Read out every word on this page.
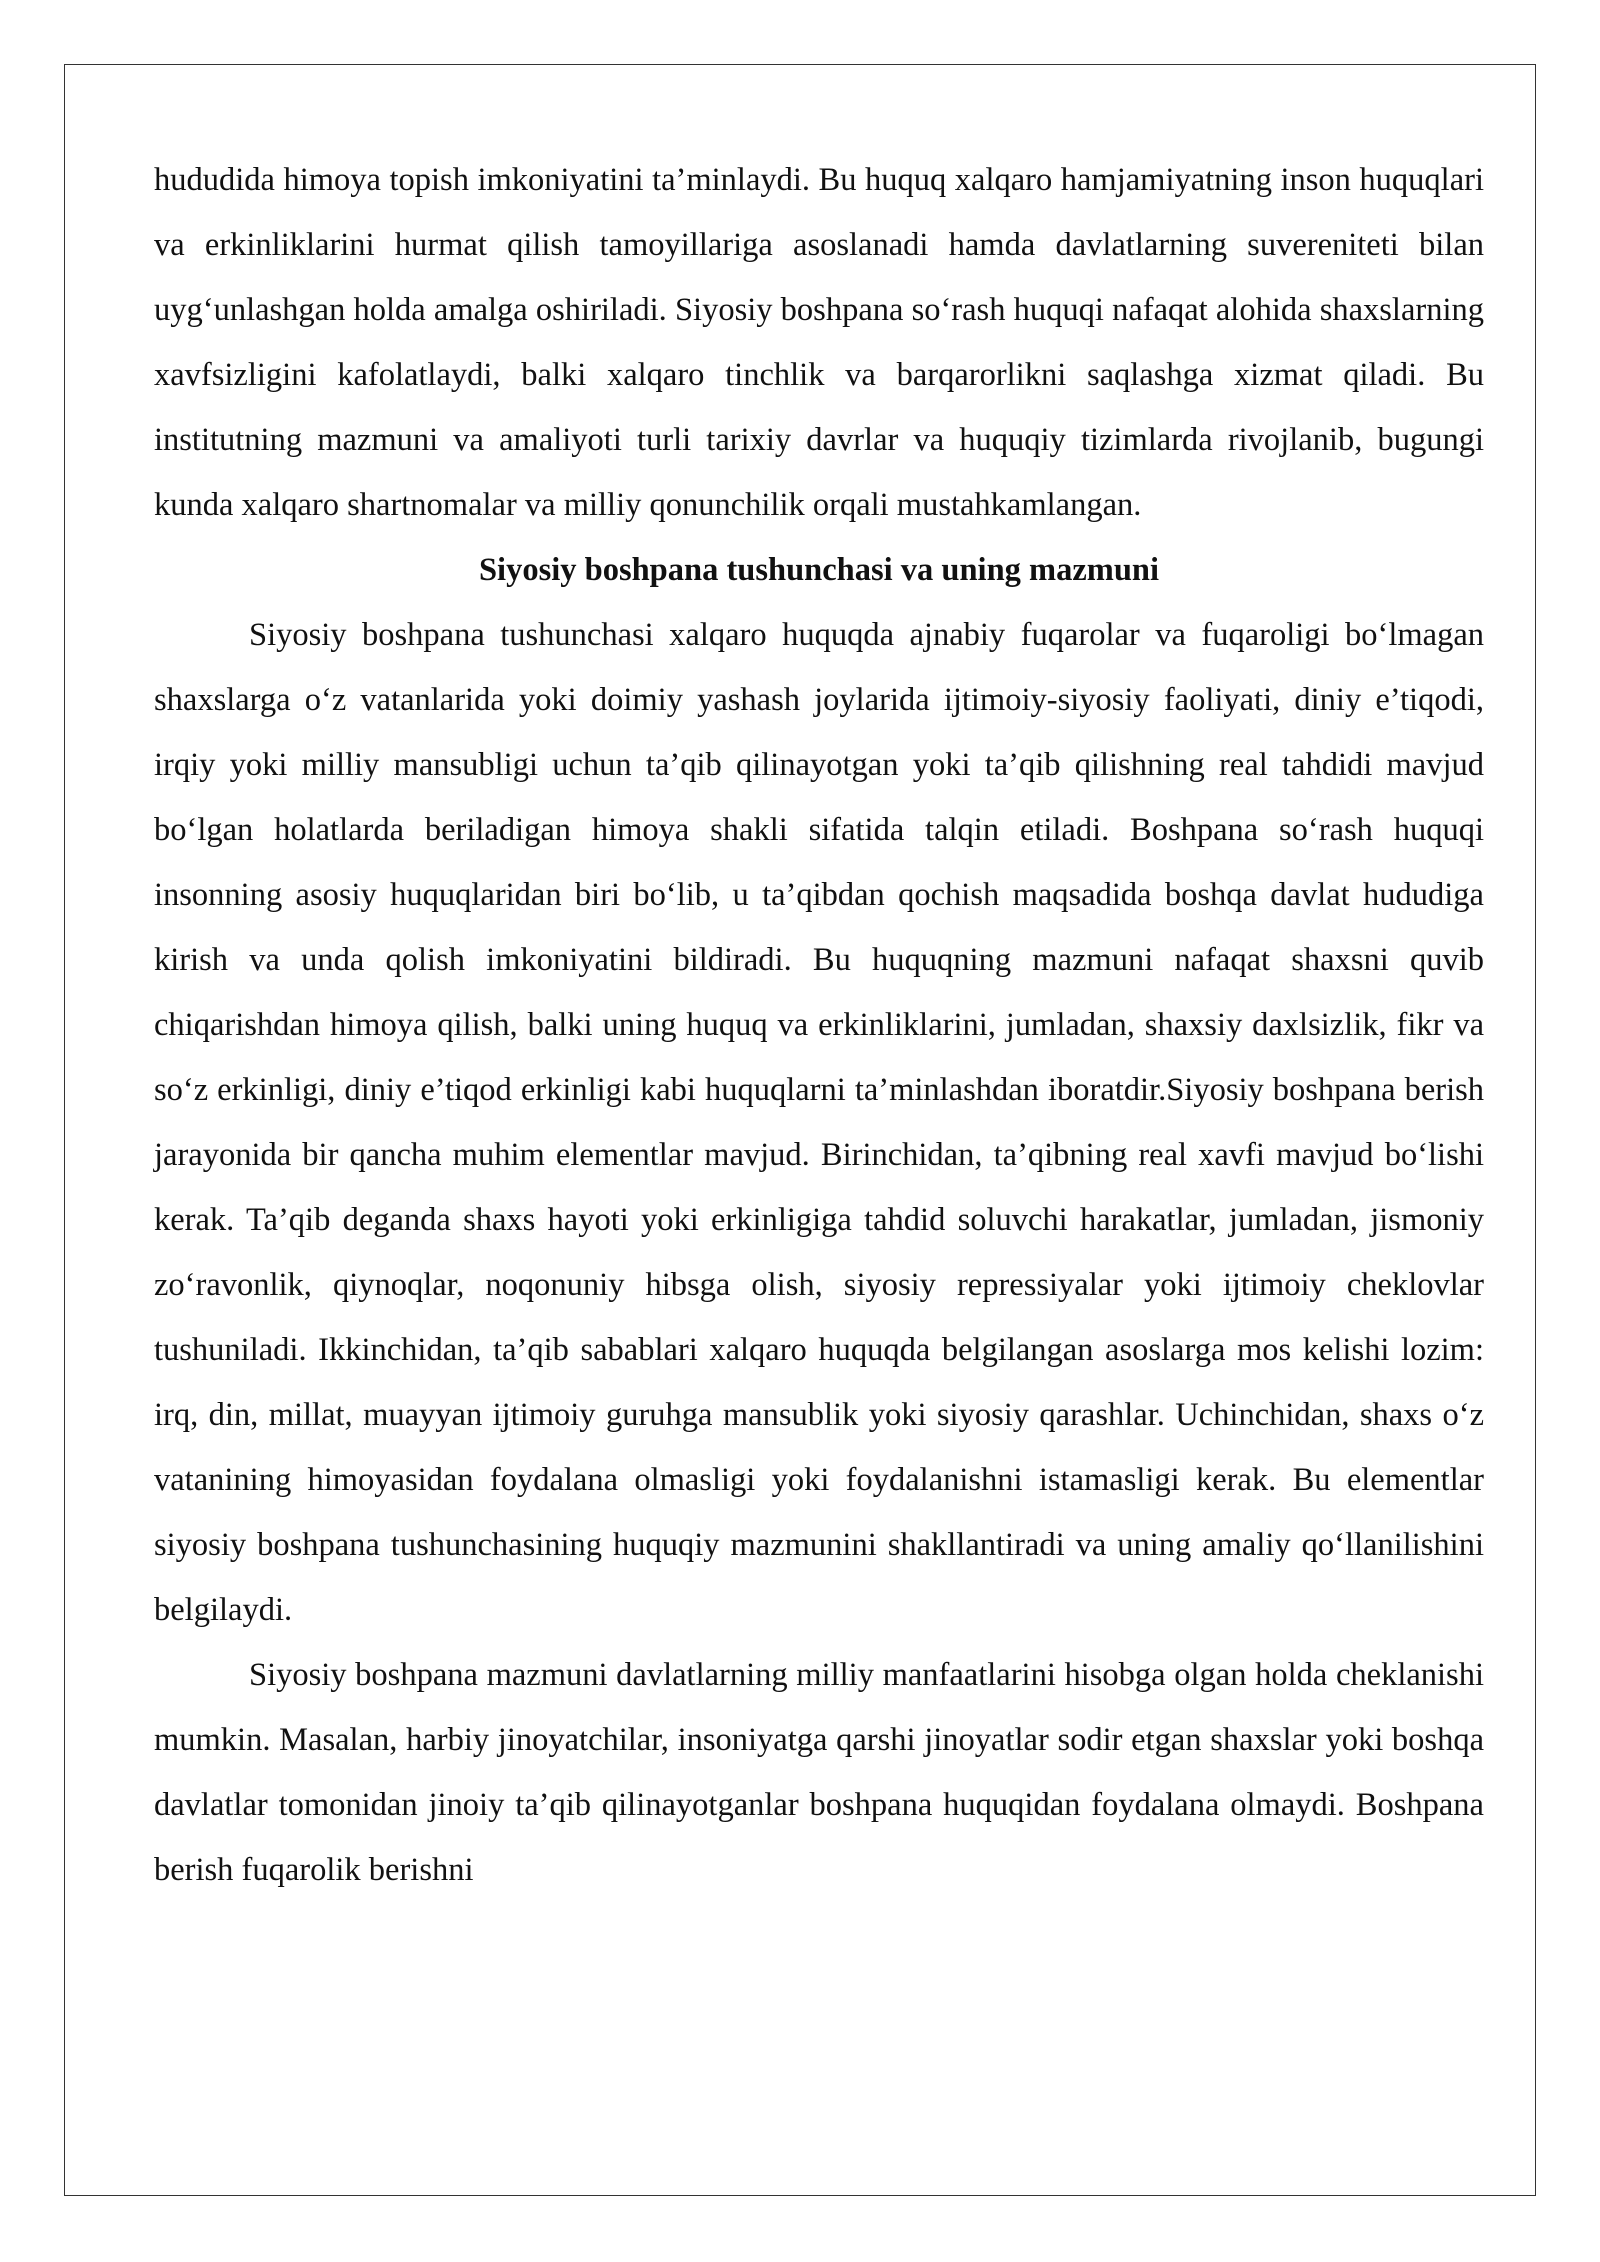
hududida himoya topish imkoniyatini ta’minlaydi. Bu huquq xalqaro hamjamiyatning inson huquqlari va erkinliklarini hurmat qilish tamoyillariga asoslanadi hamda davlatlarning suvereniteti bilan uygʻunlashgan holda amalga oshiriladi. Siyosiy boshpana soʻrash huquqi nafaqat alohida shaxslarning xavfsizligini kafolatlaydi, balki xalqaro tinchlik va barqarorlikni saqlashga xizmat qiladi. Bu institutning mazmuni va amaliyoti turli tarixiy davrlar va huquqiy tizimlarda rivojlanib, bugungi kunda xalqaro shartnomalar va milliy qonunchilik orqali mustahkamlangan.

Siyosiy boshpana tushunchasi va uning mazmuni

Siyosiy boshpana tushunchasi xalqaro huquqda ajnabiy fuqarolar va fuqaroligi boʻlmagan shaxslarga oʻz vatanlarida yoki doimiy yashash joylarida ijtimoiy-siyosiy faoliyati, diniy e’tiqodi, irqiy yoki milliy mansubligi uchun ta’qib qilinayotgan yoki ta’qib qilishning real tahdidi mavjud boʻlgan holatlarda beriladigan himoya shakli sifatida talqin etiladi. Boshpana soʻrash huquqi insonning asosiy huquqlaridan biri boʻlib, u ta’qibdan qochish maqsadida boshqa davlat hududiga kirish va unda qolish imkoniyatini bildiradi. Bu huquqning mazmuni nafaqat shaxsni quvib chiqarishdan himoya qilish, balki uning huquq va erkinliklarini, jumladan, shaxsiy daxlsizlik, fikr va soʻz erkinligi, diniy e’tiqod erkinligi kabi huquqlarni ta’minlashdan iboratdir.Siyosiy boshpana berish jarayonida bir qancha muhim elementlar mavjud. Birinchidan, ta’qibning real xavfi mavjud boʻlishi kerak. Ta’qib deganda shaxs hayoti yoki erkinligiga tahdid soluvchi harakatlar, jumladan, jismoniy zoʻravonlik, qiynoqlar, noqonuniy hibsga olish, siyosiy repressiyalar yoki ijtimoiy cheklovlar tushuniladi. Ikkinchidan, ta’qib sabablari xalqaro huquqda belgilangan asoslarga mos kelishi lozim: irq, din, millat, muayyan ijtimoiy guruhga mansublik yoki siyosiy qarashlar. Uchinchidan, shaxs oʻz vatanining himoyasidan foydalana olmasligi yoki foydalanishni istamasligi kerak. Bu elementlar siyosiy boshpana tushunchasining huquqiy mazmunini shakllantiradi va uning amaliy qoʻllanilishini belgilaydi.

Siyosiy boshpana mazmuni davlatlarning milliy manfaatlarini hisobga olgan holda cheklanishi mumkin. Masalan, harbiy jinoyatchilar, insoniyatga qarshi jinoyatlar sodir etgan shaxslar yoki boshqa davlatlar tomonidan jinoiy ta’qib qilinayotganlar boshpana huquqidan foydalana olmaydi. Boshpana berish fuqarolik berishni
